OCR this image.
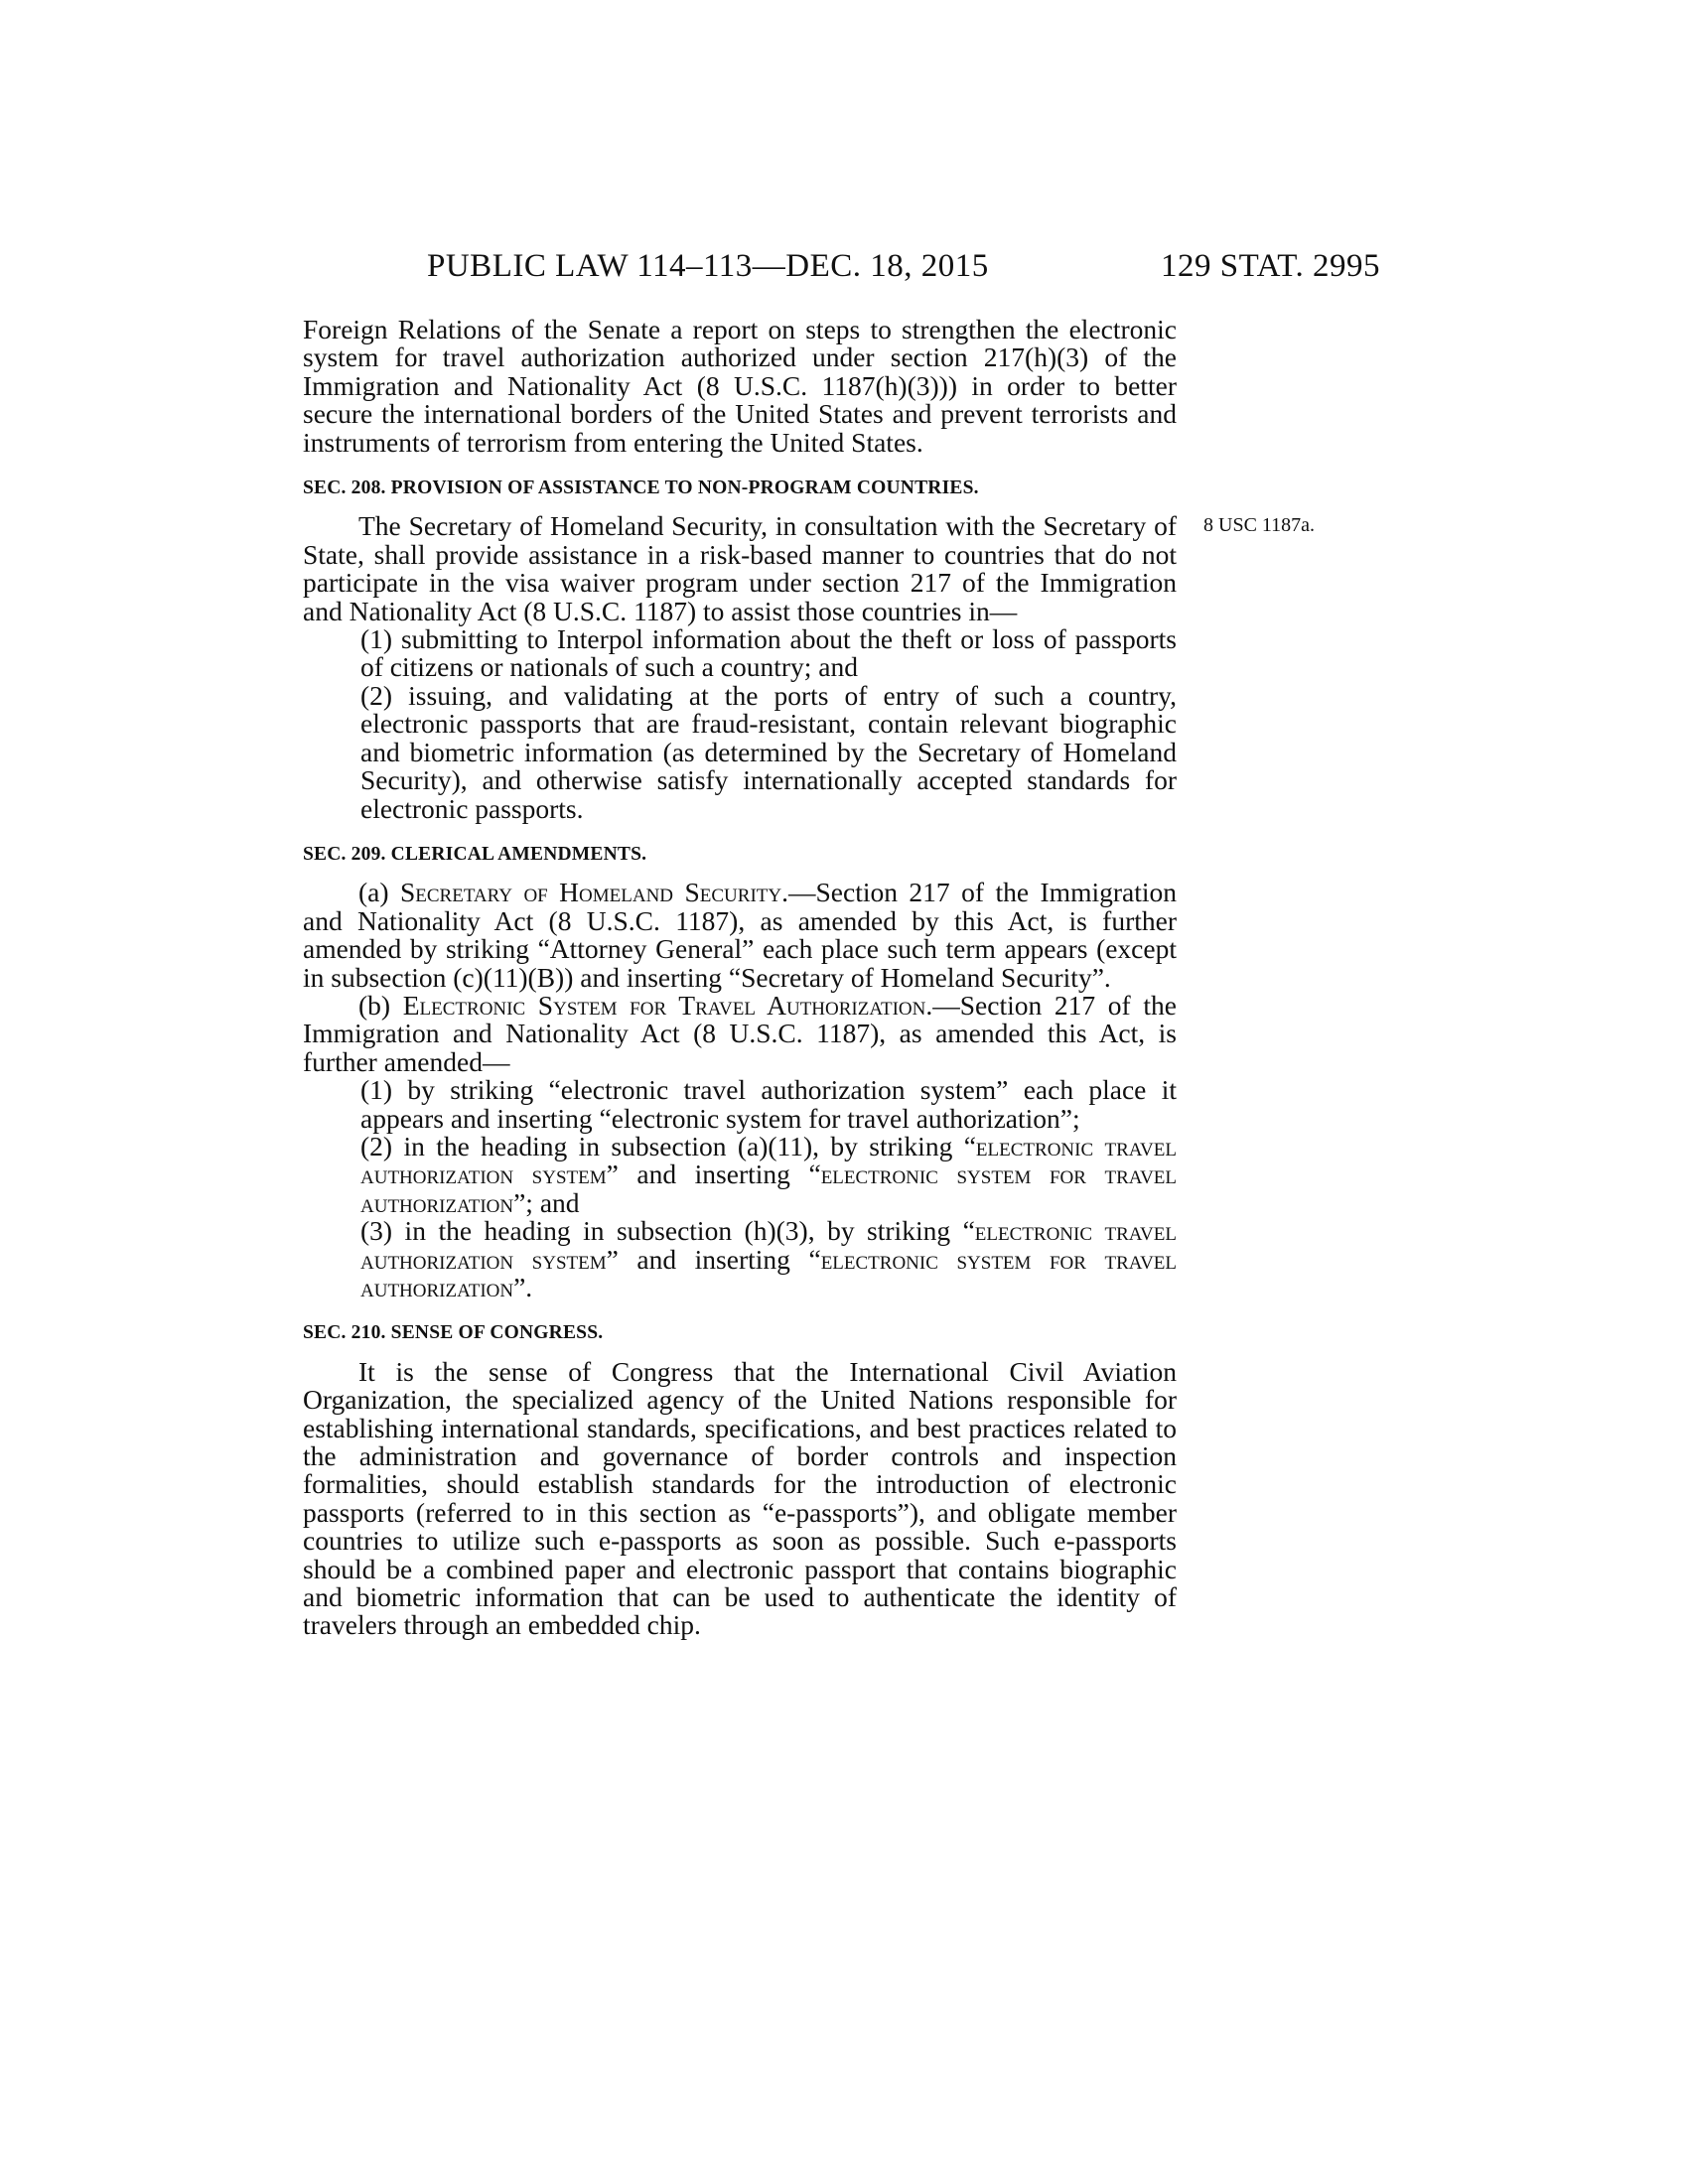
PUBLIC LAW 114–113—DEC. 18, 2015	129 STAT. 2995
8 USC 1187a.

Foreign Relations of the Senate a report on steps to strengthen the electronic system for travel authorization authorized under section 217(h)(3) of the Immigration and Nationality Act (8 U.S.C. 1187(h)(3))) in order to better secure the international borders of the United States and prevent terrorists and instruments of terrorism from entering the United States.

SEC. 208. PROVISION OF ASSISTANCE TO NON-PROGRAM COUNTRIES.

The Secretary of Homeland Security, in consultation with the Secretary of State, shall provide assistance in a risk-based manner to countries that do not participate in the visa waiver program under section 217 of the Immigration and Nationality Act (8 U.S.C. 1187) to assist those countries in—

(1) submitting to Interpol information about the theft or loss of passports of citizens or nationals of such a country; and

(2) issuing, and validating at the ports of entry of such a country, electronic passports that are fraud-resistant, contain relevant biographic and biometric information (as determined by the Secretary of Homeland Security), and otherwise satisfy internationally accepted standards for electronic passports.

SEC. 209. CLERICAL AMENDMENTS.

(a) Secretary of Homeland Security.—Section 217 of the Immigration and Nationality Act (8 U.S.C. 1187), as amended by this Act, is further amended by striking “Attorney General” each place such term appears (except in subsection (c)(11)(B)) and inserting “Secretary of Homeland Security”.

(b) Electronic System for Travel Authorization.—Section 217 of the Immigration and Nationality Act (8 U.S.C. 1187), as amended this Act, is further amended—

(1) by striking “electronic travel authorization system” each place it appears and inserting “electronic system for travel authorization”;

(2) in the heading in subsection (a)(11), by striking “electronic travel authorization system” and inserting “electronic system for travel authorization”; and

(3) in the heading in subsection (h)(3), by striking “electronic travel authorization system” and inserting “electronic system for travel authorization”.

SEC. 210. SENSE OF CONGRESS.

It is the sense of Congress that the International Civil Aviation Organization, the specialized agency of the United Nations responsible for establishing international standards, specifications, and best practices related to the administration and governance of border controls and inspection formalities, should establish standards for the introduction of electronic passports (referred to in this section as “e-passports”), and obligate member countries to utilize such e-passports as soon as possible. Such e-passports should be a combined paper and electronic passport that contains biographic and biometric information that can be used to authenticate the identity of travelers through an embedded chip.
